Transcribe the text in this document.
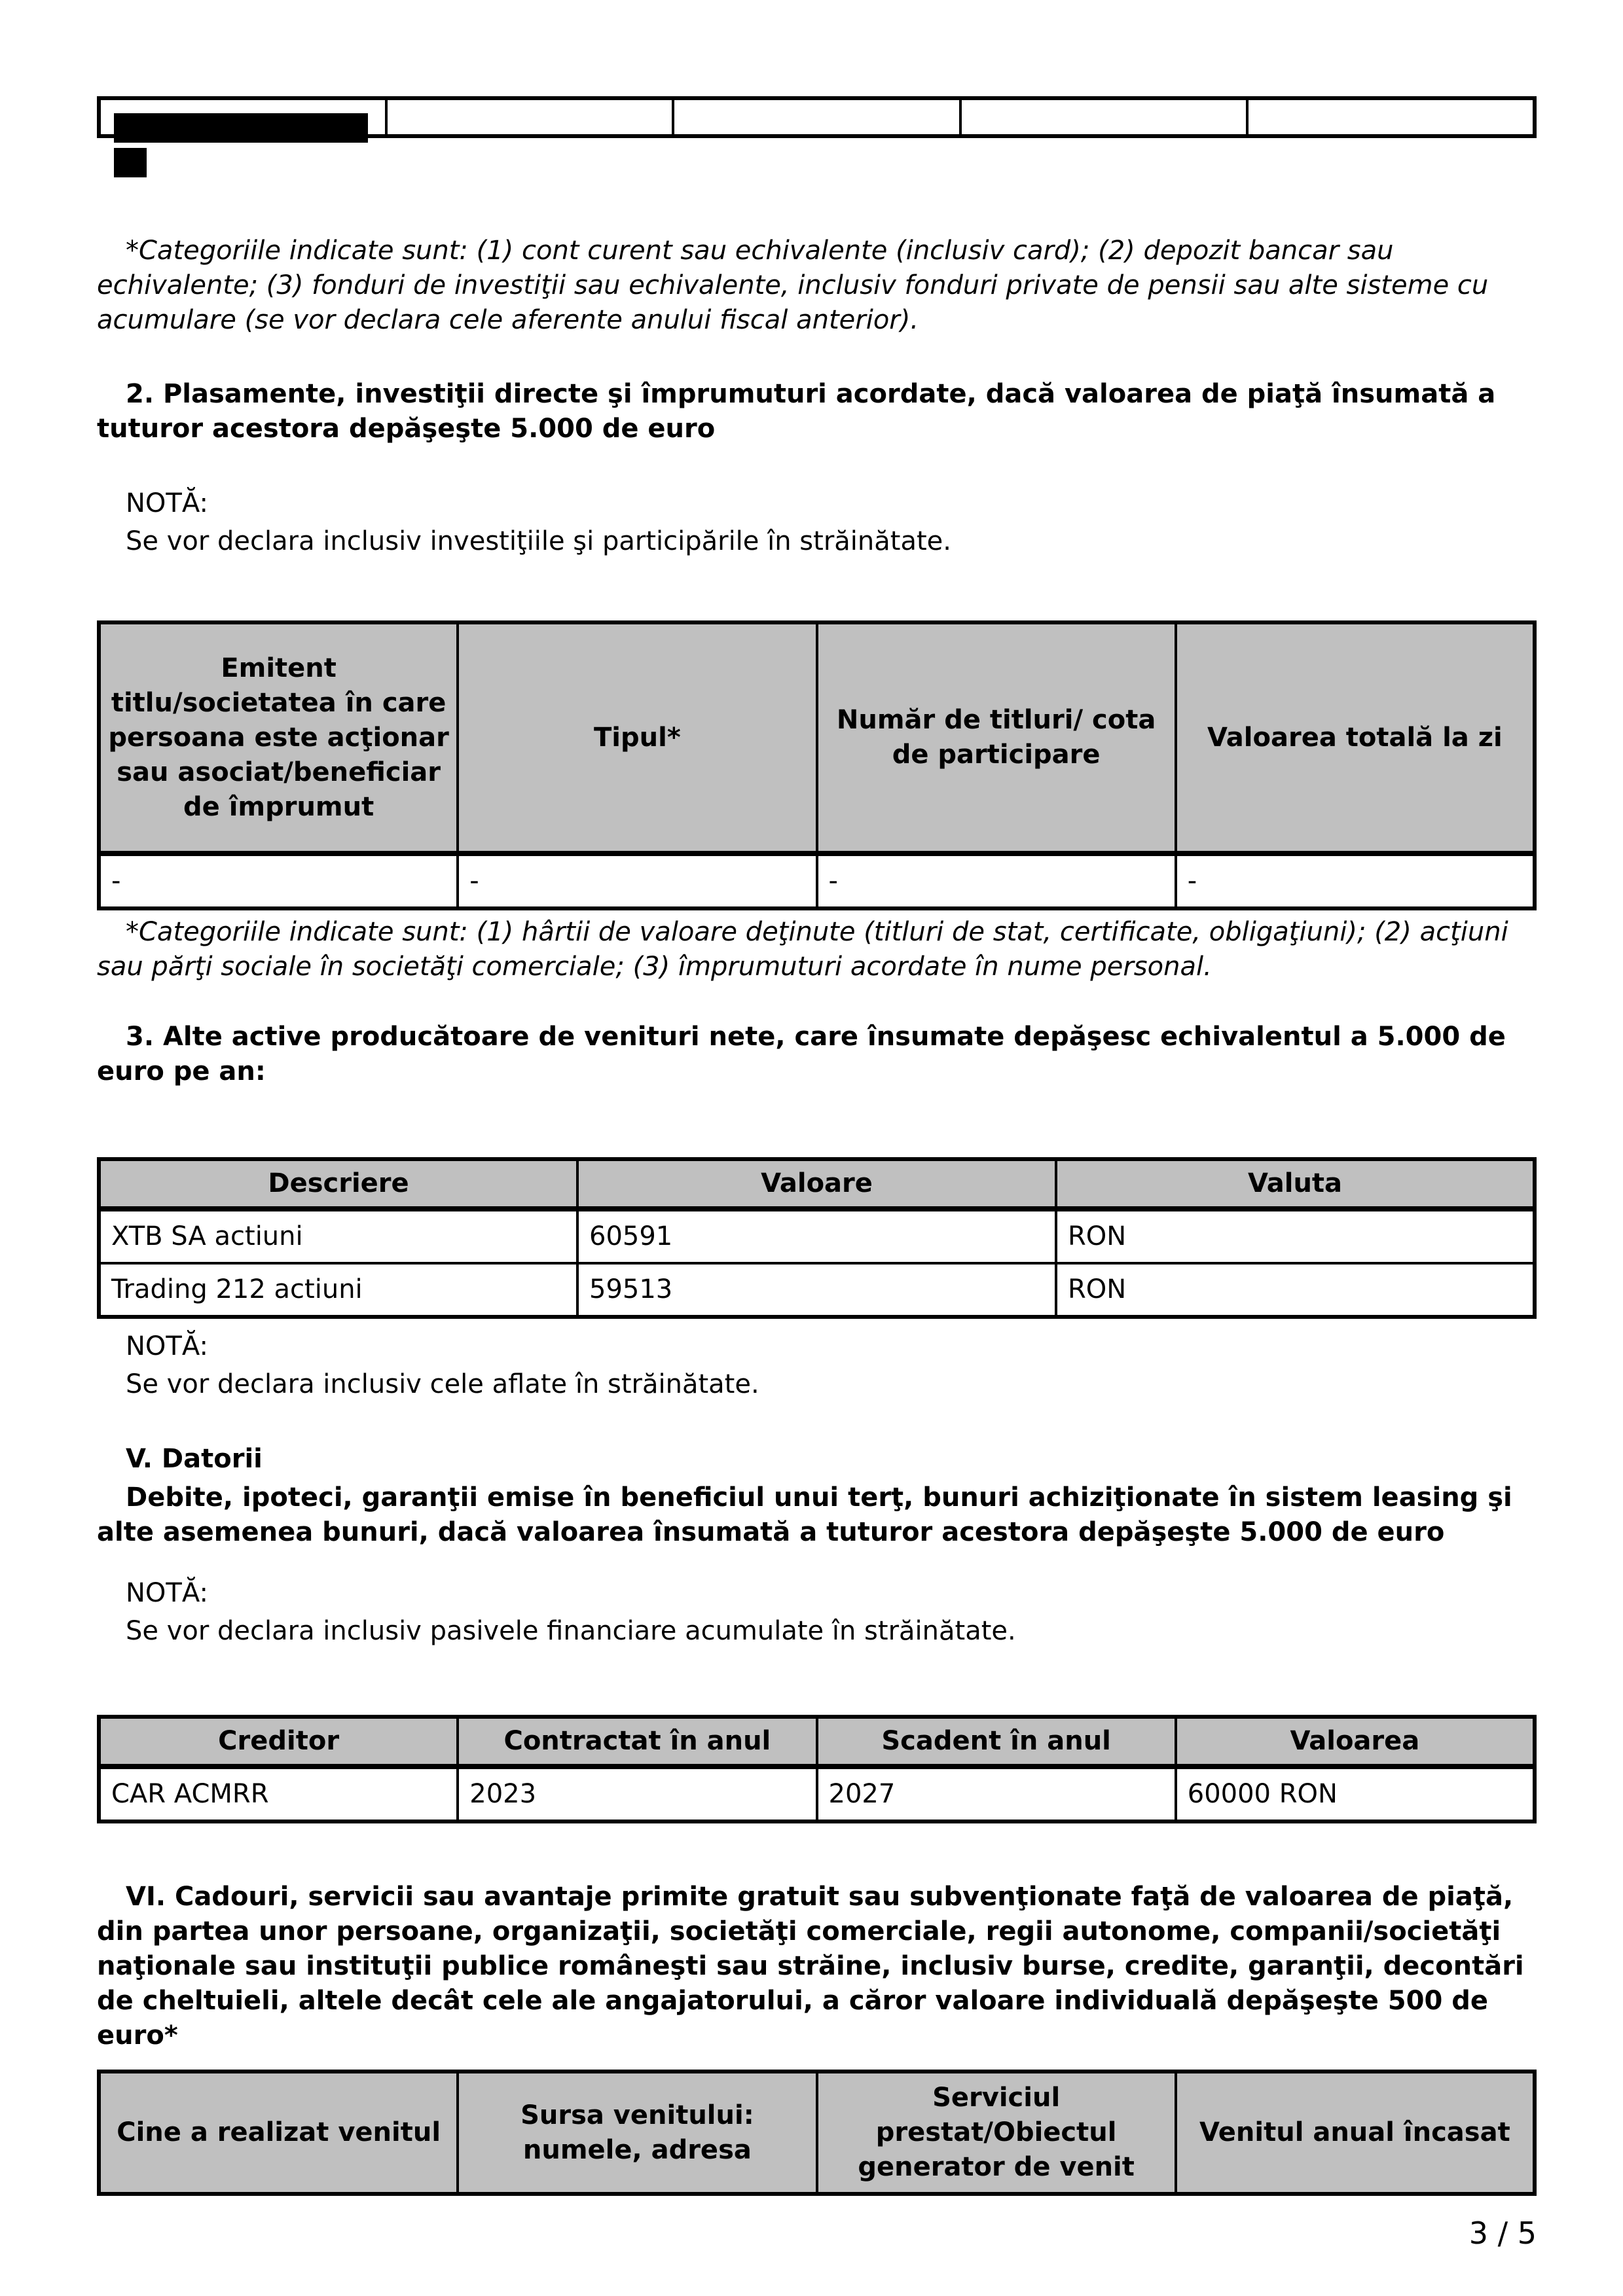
*Categoriile indicate sunt: (1) cont curent sau echivalente (inclusiv card); (2) depozit bancar sau echivalente; (3) fonduri de investiţii sau echivalente, inclusiv fonduri private de pensii sau alte sisteme cu acumulare (se vor declara cele aferente anului fiscal anterior).
2. Plasamente, investiţii directe şi împrumuturi acordate, dacă valoarea de piaţă însumată a tuturor acestora depăşeşte 5.000 de euro
NOTĂ:
Se vor declara inclusiv investiţiile şi participările în străinătate.
Emitent titlu/societatea în care persoana este acţionar sau asociat/beneficiar de împrumut	Tipul*	Număr de titluri/ cota de participare	Valoarea totală la zi
-	-	-	-
*Categoriile indicate sunt: (1) hârtii de valoare deţinute (titluri de stat, certificate, obligaţiuni); (2) acţiuni sau părţi sociale în societăţi comerciale; (3) împrumuturi acordate în nume personal.
3. Alte active producătoare de venituri nete, care însumate depăşesc echivalentul a 5.000 de euro pe an:
Descriere	Valoare	Valuta
XTB SA actiuni	60591	RON
Trading 212 actiuni	59513	RON
NOTĂ:
Se vor declara inclusiv cele aflate în străinătate.
V. Datorii
Debite, ipoteci, garanţii emise în beneficiul unui terţ, bunuri achiziţionate în sistem leasing şi alte asemenea bunuri, dacă valoarea însumată a tuturor acestora depăşeşte 5.000 de euro
NOTĂ:
Se vor declara inclusiv pasivele financiare acumulate în străinătate.
Creditor	Contractat în anul	Scadent în anul	Valoarea
CAR ACMRR	2023	2027	60000 RON
VI. Cadouri, servicii sau avantaje primite gratuit sau subvenţionate faţă de valoarea de piaţă, din partea unor persoane, organizaţii, societăţi comerciale, regii autonome, companii/societăţi naţionale sau instituţii publice româneşti sau străine, inclusiv burse, credite, garanţii, decontări de cheltuieli, altele decât cele ale angajatorului, a căror valoare individuală depăşeşte 500 de euro*
Cine a realizat venitul	Sursa venitului: numele, adresa	Serviciul prestat/Obiectul generator de venit	Venitul anual încasat
3 / 5
